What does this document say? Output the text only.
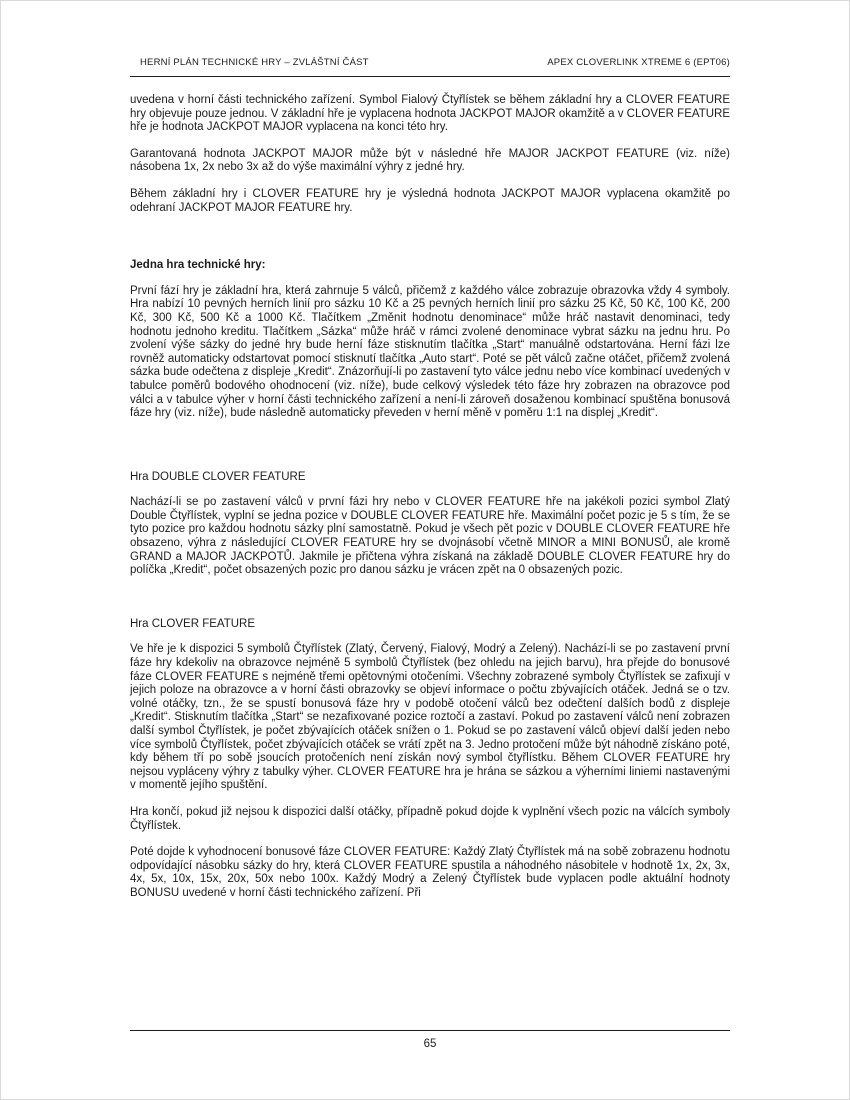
HERNÍ PLÁN TECHNICKÉ HRY – ZVLÁŠTNÍ ČÁST	APEX CLOVERLINK XTREME 6 (EPT06)

uvedena v horní části technického zařízení. Symbol Fialový Čtyřlístek se během základní hry a CLOVER FEATURE hry objevuje pouze jednou. V základní hře je vyplacena hodnota JACKPOT MAJOR okamžitě a v CLOVER FEATURE hře je hodnota JACKPOT MAJOR vyplacena na konci této hry.

Garantovaná hodnota JACKPOT MAJOR může být v následné hře MAJOR JACKPOT FEATURE (viz. níže) násobena 1x, 2x nebo 3x až do výše maximální výhry z jedné hry.

Během základní hry i CLOVER FEATURE hry je výsledná hodnota JACKPOT MAJOR vyplacena okamžitě po odehraní JACKPOT MAJOR FEATURE hry.

Jedna hra technické hry:

První fází hry je základní hra, která zahrnuje 5 válců, přičemž z každého válce zobrazuje obrazovka vždy 4 symboly. Hra nabízí 10 pevných herních linií pro sázku 10 Kč a 25 pevných herních linií pro sázku 25 Kč, 50 Kč, 100 Kč, 200 Kč, 300 Kč, 500 Kč a 1000 Kč. Tlačítkem „Změnit hodnotu denominace“ může hráč nastavit denominaci, tedy hodnotu jednoho kreditu. Tlačítkem „Sázka“ může hráč v rámci zvolené denominace vybrat sázku na jednu hru. Po zvolení výše sázky do jedné hry bude herní fáze stisknutím tlačítka „Start“ manuálně odstartována. Herní fázi lze rovněž automaticky odstartovat pomocí stisknutí tlačítka „Auto start“. Poté se pět válců začne otáčet, přičemž zvolená sázka bude odečtena z displeje „Kredit“. Znázorňují-li po zastavení tyto válce jednu nebo více kombinací uvedených v tabulce poměrů bodového ohodnocení (viz. níže), bude celkový výsledek této fáze hry zobrazen na obrazovce pod válci a v tabulce výher v horní části technického zařízení a není-li zároveň dosaženou kombinací spuštěna bonusová fáze hry (viz. níže), bude následně automaticky převeden v herní měně v poměru 1:1 na displej „Kredit“.

Hra DOUBLE CLOVER FEATURE

Nachází-li se po zastavení válců v první fázi hry nebo v CLOVER FEATURE hře na jakékoli pozici symbol Zlatý Double Čtyřlístek, vyplní se jedna pozice v DOUBLE CLOVER FEATURE hře. Maximální počet pozic je 5 s tím, že se tyto pozice pro každou hodnotu sázky plní samostatně. Pokud je všech pět pozic v DOUBLE CLOVER FEATURE hře obsazeno, výhra z následující CLOVER FEATURE hry se dvojnásobí včetně MINOR a MINI BONUSŮ, ale kromě GRAND a MAJOR JACKPOTŮ. Jakmile je přičtena výhra získaná na základě DOUBLE CLOVER FEATURE hry do políčka „Kredit“, počet obsazených pozic pro danou sázku je vrácen zpět na 0 obsazených pozic.

Hra CLOVER FEATURE

Ve hře je k dispozici 5 symbolů Čtyřlístek (Zlatý, Červený, Fialový, Modrý a Zelený). Nachází-li se po zastavení první fáze hry kdekoliv na obrazovce nejméně 5 symbolů Čtyřlístek (bez ohledu na jejich barvu), hra přejde do bonusové fáze CLOVER FEATURE s nejméně třemi opětovnými otočeními. Všechny zobrazené symboly Čtyřlístek se zafixují v jejich poloze na obrazovce a v horní části obrazovky se objeví informace o počtu zbývajících otáček. Jedná se o tzv. volné otáčky, tzn., že se spustí bonusová fáze hry v podobě otočení válců bez odečtení dalších bodů z displeje „Kredit“. Stisknutím tlačítka „Start“ se nezafixované pozice roztočí a zastaví. Pokud po zastavení válců není zobrazen další symbol Čtyřlístek, je počet zbývajících otáček snížen o 1. Pokud se po zastavení válců objeví další jeden nebo více symbolů Čtyřlístek, počet zbývajících otáček se vrátí zpět na 3. Jedno protočení může být náhodně získáno poté, kdy během tří po sobě jsoucích protočeních není získán nový symbol čtyřlístku. Během CLOVER FEATURE hry nejsou vypláceny výhry z tabulky výher. CLOVER FEATURE hra je hrána se sázkou a výherními liniemi nastavenými v momentě jejího spuštění.

Hra končí, pokud již nejsou k dispozici další otáčky, případně pokud dojde k vyplnění všech pozic na válcích symboly Čtyřlístek.

Poté dojde k vyhodnocení bonusové fáze CLOVER FEATURE: Každý Zlatý Čtyřlístek má na sobě zobrazenu hodnotu odpovídající násobku sázky do hry, která CLOVER FEATURE spustila a náhodného násobitele v hodnotě 1x, 2x, 3x, 4x, 5x, 10x, 15x, 20x, 50x nebo 100x. Každý Modrý a Zelený Čtyřlístek bude vyplacen podle aktuální hodnoty BONUSU uvedené v horní části technického zařízení. Při

65
